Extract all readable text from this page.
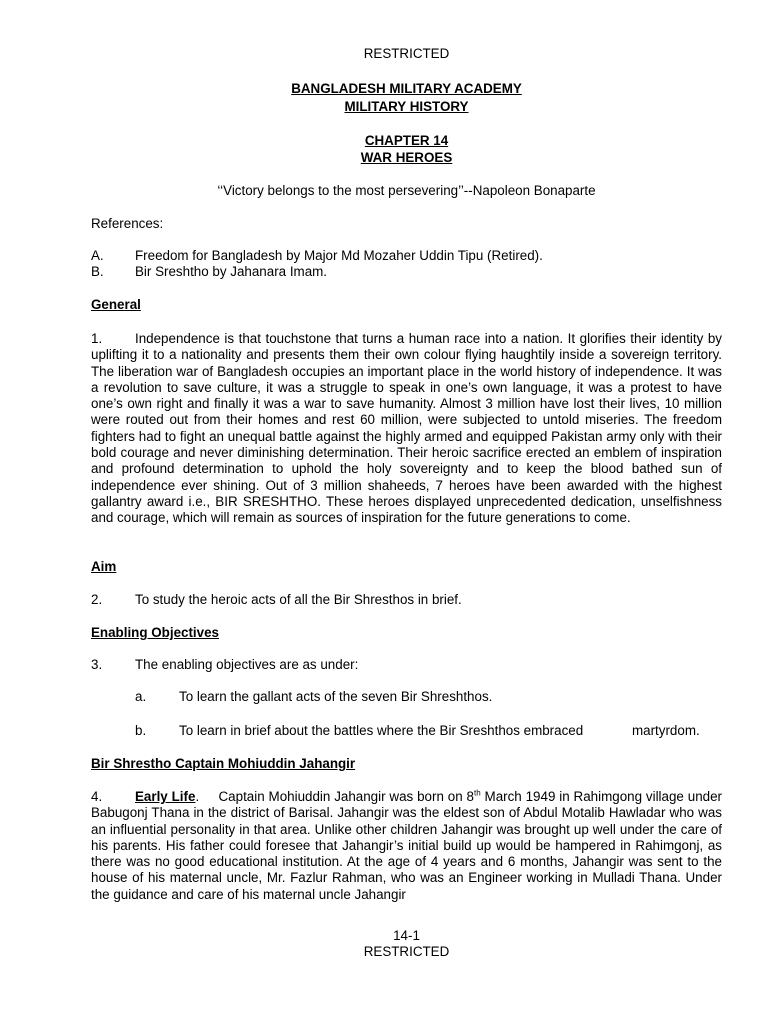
RESTRICTED
BANGLADESH MILITARY ACADEMY
MILITARY HISTORY
CHAPTER 14
WAR HEROES
‘‘Victory belongs to the most persevering’’--Napoleon Bonaparte
References:
A. Freedom for Bangladesh by Major Md Mozaher Uddin Tipu (Retired).
B. Bir Sreshtho by Jahanara Imam.
General
1. Independence is that touchstone that turns a human race into a nation. It glorifies their identity by uplifting it to a nationality and presents them their own colour flying haughtily inside a sovereign territory. The liberation war of Bangladesh occupies an important place in the world history of independence. It was a revolution to save culture, it was a struggle to speak in one’s own language, it was a protest to have one’s own right and finally it was a war to save humanity. Almost 3 million have lost their lives, 10 million were routed out from their homes and rest 60 million, were subjected to untold miseries. The freedom fighters had to fight an unequal battle against the highly armed and equipped Pakistan army only with their bold courage and never diminishing determination. Their heroic sacrifice erected an emblem of inspiration and profound determination to uphold the holy sovereignty and to keep the blood bathed sun of independence ever shining. Out of 3 million shaheeds, 7 heroes have been awarded with the highest gallantry award i.e., BIR SRESHTHO. These heroes displayed unprecedented dedication, unselfishness and courage, which will remain as sources of inspiration for the future generations to come.
Aim
2. To study the heroic acts of all the Bir Shresthos in brief.
Enabling Objectives
3. The enabling objectives are as under:
a. To learn the gallant acts of the seven Bir Shreshthos.
b. To learn in brief about the battles where the Bir Sreshthos embraced	martyrdom.
Bir Shrestho Captain Mohiuddin Jahangir
4. Early Life.     Captain Mohiuddin Jahangir was born on 8th March 1949 in Rahimgong village under Babugonj Thana in the district of Barisal. Jahangir was the eldest son of Abdul Motalib Hawladar who was an influential personality in that area. Unlike other children Jahangir was brought up well under the care of his parents. His father could foresee that Jahangir’s initial build up would be hampered in Rahimgonj, as there was no good educational institution. At the age of 4 years and 6 months, Jahangir was sent to the house of his maternal uncle, Mr. Fazlur Rahman, who was an Engineer working in Mulladi Thana. Under the guidance and care of his maternal uncle Jahangir
14-1
RESTRICTED
